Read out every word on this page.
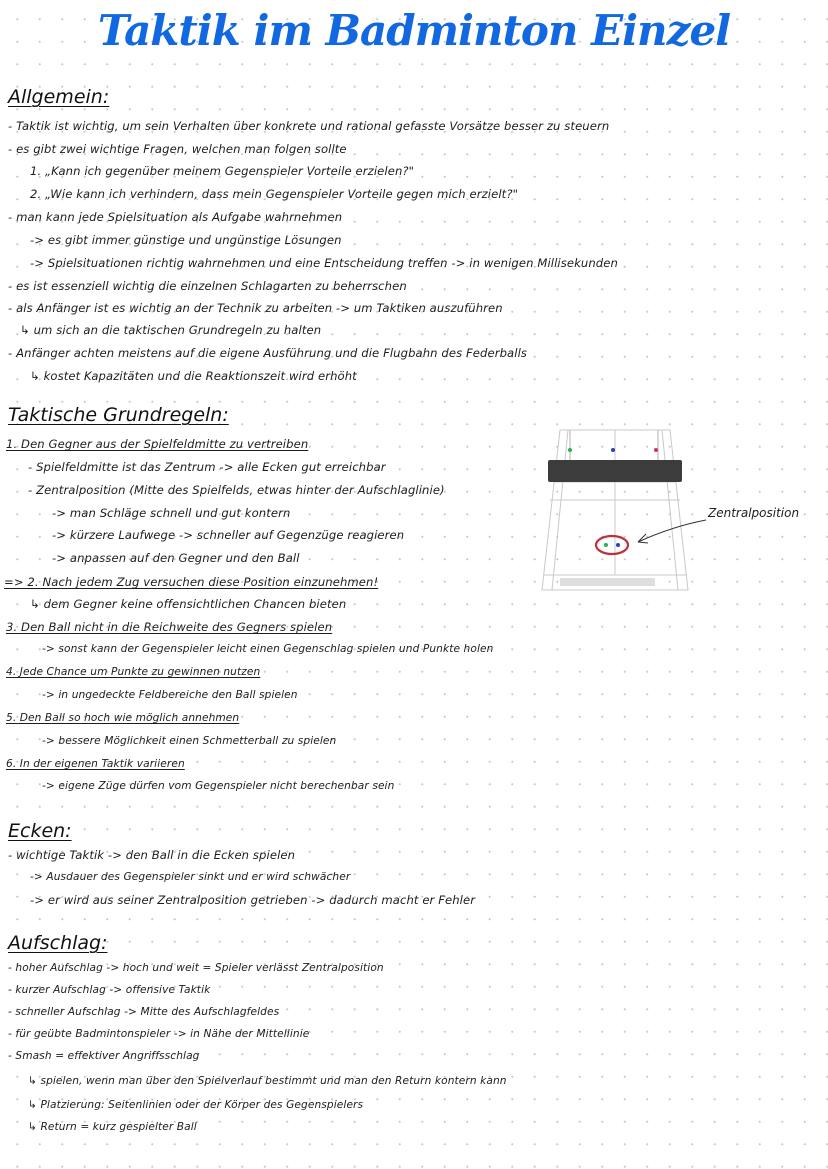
Taktik im Badminton Einzel
Allgemein:
- Taktik ist wichtig, um sein Verhalten über konkrete und rational gefasste Vorsätze besser zu steuern
- es gibt zwei wichtige Fragen, welchen man folgen sollte
1. „Kann ich gegenüber meinem Gegenspieler Vorteile erzielen?"
2. „Wie kann ich verhindern, dass mein Gegenspieler Vorteile gegen mich erzielt?"
- man kann jede Spielsituation als Aufgabe wahrnehmen
-> es gibt immer günstige und ungünstige Lösungen
-> Spielsituationen richtig wahrnehmen und eine Entscheidung treffen -> in wenigen Millisekunden
- es ist essenziell wichtig die einzelnen Schlagarten zu beherrschen
- als Anfänger ist es wichtig an der Technik zu arbeiten -> um Taktiken auszuführen
↳ um sich an die taktischen Grundregeln zu halten
- Anfänger achten meistens auf die eigene Ausführung und die Flugbahn des Federballs
↳ kostet Kapazitäten und die Reaktionszeit wird erhöht
Taktische Grundregeln:
1. Den Gegner aus der Spielfeldmitte zu vertreiben
- Spielfeldmitte ist das Zentrum -> alle Ecken gut erreichbar
- Zentralposition (Mitte des Spielfelds, etwas hinter der Aufschlaglinie)
-> man Schläge schnell und gut kontern
-> kürzere Laufwege -> schneller auf Gegenzüge reagieren
-> anpassen auf den Gegner und den Ball
=> 2. Nach jedem Zug versuchen diese Position einzunehmen!
↳ dem Gegner keine offensichtlichen Chancen bieten
3. Den Ball nicht in die Reichweite des Gegners spielen
-> sonst kann der Gegenspieler leicht einen Gegenschlag spielen und Punkte holen
4. Jede Chance um Punkte zu gewinnen nutzen
-> in ungedeckte Feldbereiche den Ball spielen
5. Den Ball so hoch wie möglich annehmen
-> bessere Möglichkeit einen Schmetterball zu spielen
6. In der eigenen Taktik variieren
-> eigene Züge dürfen vom Gegenspieler nicht berechenbar sein
Zentralposition
Ecken:
- wichtige Taktik -> den Ball in die Ecken spielen
-> Ausdauer des Gegenspieler sinkt und er wird schwächer
-> er wird aus seiner Zentralposition getrieben -> dadurch macht er Fehler
Aufschlag:
- hoher Aufschlag -> hoch und weit = Spieler verlässt Zentralposition
- kurzer Aufschlag -> offensive Taktik
- schneller Aufschlag -> Mitte des Aufschlagfeldes
- für geübte Badmintonspieler -> in Nähe der Mittellinie
- Smash = effektiver Angriffsschlag
↳ spielen, wenn man über den Spielverlauf bestimmt und man den Return kontern kann
↳ Platzierung: Seitenlinien oder der Körper des Gegenspielers
↳ Return = kurz gespielter Ball
